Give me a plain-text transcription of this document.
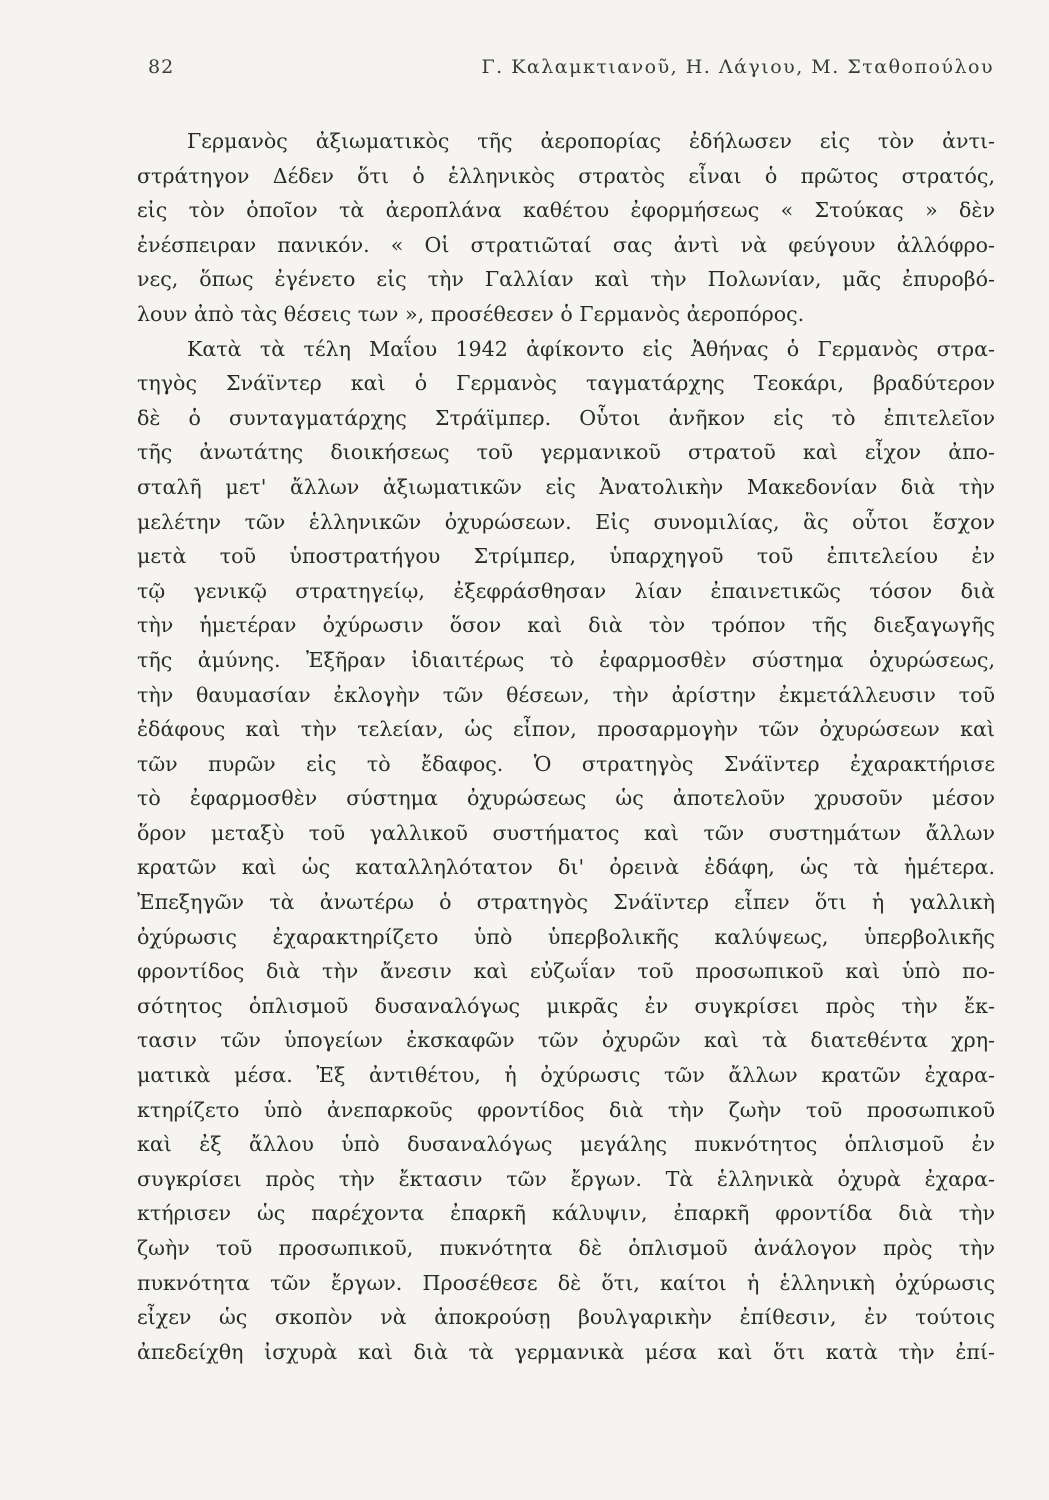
82	Γ. Καλαμκτιανοῦ, Η. Λάγιου, Μ. Σταθοπούλου
Γερμανὸς ἀξιωματικὸς τῆς ἀεροπορίας ἐδήλωσεν εἰς τὸν ἀντι-
στράτηγον Δέδεν ὅτι ὁ ἑλληνικὸς στρατὸς εἶναι ὁ πρῶτος στρατός,
εἰς τὸν ὁποῖον τὰ ἀεροπλάνα καθέτου ἐφορμήσεως « Στούκας » δὲν
ἐνέσπειραν πανικόν. « Οἱ στρατιῶταί σας ἀντὶ νὰ φεύγουν ἀλλόφρο-
νες, ὅπως ἐγένετο εἰς τὴν Γαλλίαν καὶ τὴν Πολωνίαν, μᾶς ἐπυροβό-
λουν ἀπὸ τὰς θέσεις των », προσέθεσεν ὁ Γερμανὸς ἀεροπόρος.
Κατὰ τὰ τέλη Μαΐου 1942 ἀφίκοντο εἰς Ἀθήνας ὁ Γερμανὸς στρα-
τηγὸς Σνάϊντερ καὶ ὁ Γερμανὸς ταγματάρχης Τεοκάρι, βραδύτερον
δὲ ὁ συνταγματάρχης Στράϊμπερ. Οὗτοι ἀνῆκον εἰς τὸ ἐπιτελεῖον
τῆς ἀνωτάτης διοικήσεως τοῦ γερμανικοῦ στρατοῦ καὶ εἶχον ἀπο-
σταλῆ μετ' ἄλλων ἀξιωματικῶν εἰς Ἀνατολικὴν Μακεδονίαν διὰ τὴν
μελέτην τῶν ἑλληνικῶν ὀχυρώσεων. Εἰς συνομιλίας, ἃς οὗτοι ἔσχον
μετὰ τοῦ ὑποστρατήγου Στρίμπερ, ὑπαρχηγοῦ τοῦ ἐπιτελείου ἐν
τῷ γενικῷ στρατηγείῳ, ἐξεφράσθησαν λίαν ἐπαινετικῶς τόσον διὰ
τὴν ἡμετέραν ὀχύρωσιν ὅσον καὶ διὰ τὸν τρόπον τῆς διεξαγωγῆς
τῆς ἀμύνης. Ἐξῆραν ἰδιαιτέρως τὸ ἐφαρμοσθὲν σύστημα ὀχυρώσεως,
τὴν θαυμασίαν ἐκλογὴν τῶν θέσεων, τὴν ἀρίστην ἐκμετάλλευσιν τοῦ
ἐδάφους καὶ τὴν τελείαν, ὡς εἶπον, προσαρμογὴν τῶν ὀχυρώσεων καὶ
τῶν πυρῶν εἰς τὸ ἔδαφος. Ὁ στρατηγὸς Σνάϊντερ ἐχαρακτήρισε
τὸ ἐφαρμοσθὲν σύστημα ὀχυρώσεως ὡς ἀποτελοῦν χρυσοῦν μέσον
ὅρον μεταξὺ τοῦ γαλλικοῦ συστήματος καὶ τῶν συστημάτων ἄλλων
κρατῶν καὶ ὡς καταλληλότατον δι' ὀρεινὰ ἐδάφη, ὡς τὰ ἡμέτερα.
Ἐπεξηγῶν τὰ ἀνωτέρω ὁ στρατηγὸς Σνάϊντερ εἶπεν ὅτι ἡ γαλλικὴ
ὀχύρωσις ἐχαρακτηρίζετο ὑπὸ ὑπερβολικῆς καλύψεως, ὑπερβολικῆς
φροντίδος διὰ τὴν ἄνεσιν καὶ εὐζωΐαν τοῦ προσωπικοῦ καὶ ὑπὸ πο-
σότητος ὁπλισμοῦ δυσαναλόγως μικρᾶς ἐν συγκρίσει πρὸς τὴν ἔκ-
τασιν τῶν ὑπογείων ἐκσκαφῶν τῶν ὀχυρῶν καὶ τὰ διατεθέντα χρη-
ματικὰ μέσα. Ἐξ ἀντιθέτου, ἡ ὀχύρωσις τῶν ἄλλων κρατῶν ἐχαρα-
κτηρίζετο ὑπὸ ἀνεπαρκοῦς φροντίδος διὰ τὴν ζωὴν τοῦ προσωπικοῦ
καὶ ἐξ ἄλλου ὑπὸ δυσαναλόγως μεγάλης πυκνότητος ὁπλισμοῦ ἐν
συγκρίσει πρὸς τὴν ἔκτασιν τῶν ἔργων. Τὰ ἑλληνικὰ ὀχυρὰ ἐχαρα-
κτήρισεν ὡς παρέχοντα ἐπαρκῆ κάλυψιν, ἐπαρκῆ φροντίδα διὰ τὴν
ζωὴν τοῦ προσωπικοῦ, πυκνότητα δὲ ὁπλισμοῦ ἀνάλογον πρὸς τὴν
πυκνότητα τῶν ἔργων. Προσέθεσε δὲ ὅτι, καίτοι ἡ ἑλληνικὴ ὀχύρωσις
εἶχεν ὡς σκοπὸν νὰ ἀποκρούσῃ βουλγαρικὴν ἐπίθεσιν, ἐν τούτοις
ἀπεδείχθη ἰσχυρὰ καὶ διὰ τὰ γερμανικὰ μέσα καὶ ὅτι κατὰ τὴν ἐπί-
